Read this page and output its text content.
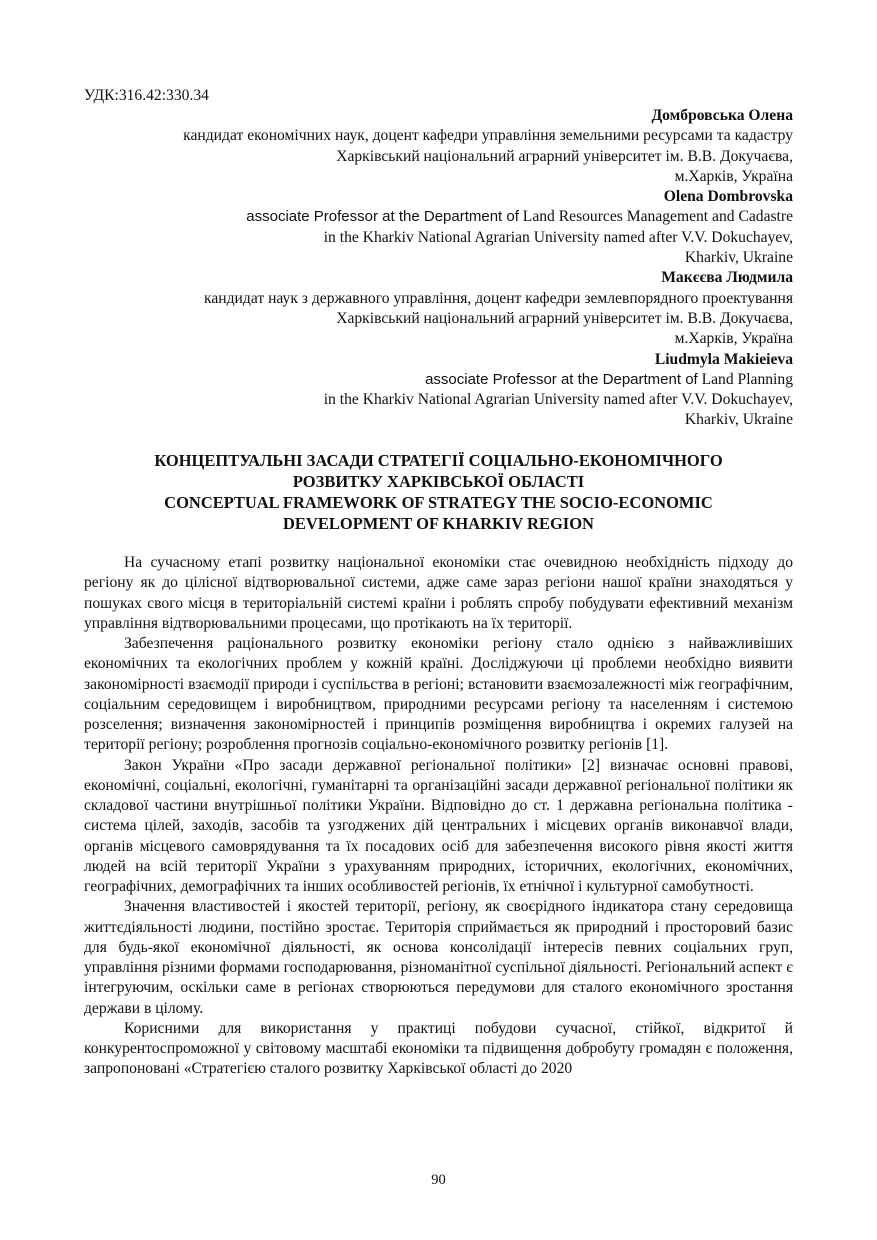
УДК:316.42:330.34
Домбровська Олена
кандидат економічних наук, доцент кафедри управління земельними ресурсами та кадастру
Харківський національний аграрний університет ім. В.В. Докучаєва,
м.Харків, Україна
Olena Dombrovska
associate Professor at the Department of Land Resources Management and Cadastre
in the Kharkiv National Agrarian University named after V.V. Dokuchayev,
Kharkiv, Ukraine
Макєєва Людмила
кандидат наук з державного управління, доцент кафедри землевпорядного проектування
Харківський національний аграрний університет ім. В.В. Докучаєва,
м.Харків, Україна
Liudmyla Makieieva
associate Professor at the Department of Land Planning
in the Kharkiv National Agrarian University named after V.V. Dokuchayev,
Kharkiv, Ukraine
КОНЦЕПТУАЛЬНІ ЗАСАДИ СТРАТЕГІЇ СОЦІАЛЬНО-ЕКОНОМІЧНОГО
РОЗВИТКУ ХАРКІВСЬКОЇ ОБЛАСТІ
CONCEPTUAL FRAMEWORK OF STRATEGY THE SOCIO-ECONOMIC
DEVELOPMENT OF KHARKIV REGION

На сучасному етапі розвитку національної економіки стає очевидною необхідність підходу до регіону як до цілісної відтворювальної системи, адже саме зараз регіони нашої країни знаходяться у пошуках свого місця в територіальній системі країни і роблять спробу побудувати ефективний механізм управління відтворювальними процесами, що протікають на їх території.

Забезпечення раціонального розвитку економіки регіону стало однією з найважливіших економічних та екологічних проблем у кожній країні. Досліджуючи ці проблеми необхідно виявити закономірності взаємодії природи і суспільства в регіоні; встановити взаємозалежності між географічним, соціальним середовищем і виробництвом, природними ресурсами регіону та населенням і системою розселення; визначення закономірностей і принципів розміщення виробництва і окремих галузей на території регіону; розроблення прогнозів соціально-економічного розвитку регіонів [1].

Закон України «Про засади державної регіональної політики» [2] визначає основні правові, економічні, соціальні, екологічні, гуманітарні та організаційні засади державної регіональної політики як складової частини внутрішньої політики України. Відповідно до ст. 1 державна регіональна політика - система цілей, заходів, засобів та узгоджених дій центральних і місцевих органів виконавчої влади, органів місцевого самоврядування та їх посадових осіб для забезпечення високого рівня якості життя людей на всій території України з урахуванням природних, історичних, екологічних, економічних, географічних, демографічних та інших особливостей регіонів, їх етнічної і культурної самобутності.

Значення властивостей і якостей території, регіону, як своєрідного індикатора стану середовища життєдіяльності людини, постійно зростає. Територія сприймається як природний і просторовий базис для будь-якої економічної діяльності, як основа консолідації інтересів певних соціальних груп, управління різними формами господарювання, різноманітної суспільної діяльності. Регіональний аспект є інтегруючим, оскільки саме в регіонах створюються передумови для сталого економічного зростання держави в цілому.

Корисними для використання у практиці побудови сучасної, стійкої, відкритої й конкурентоспроможної у світовому масштабі економіки та підвищення добробуту громадян є положення, запропоновані «Стратегією сталого розвитку Харківської області до 2020

90
